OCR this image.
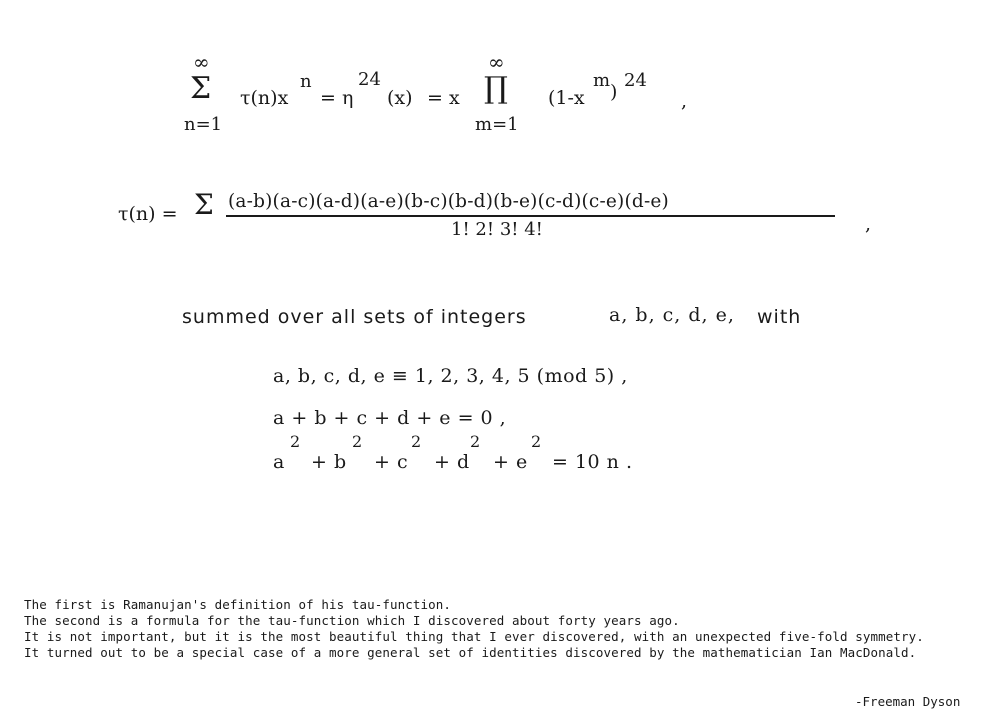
∞
Σ
n=1
τ(n)x
n
= η
24
(x) = x
∞
∏
m=1
(1-x
m
)
24
,
τ(n) = Σ (a-b)(a-c)(a-d)(a-e)(b-c)(b-d)(b-e)(c-d)(c-e)(d-e)
1! 2! 3! 4!	,
summed over all sets of integers	a, b, c, d, e, with
a, b, c, d, e ≡ 1, 2, 3, 4, 5 (mod 5) ,
a + b + c + d + e = 0 ,
a
2
+ b
2
+ c
2
+ d
2
+ e
2
= 10 n .
The first is Ramanujan's definition of his tau-function.
The second is a formula for the tau-function which I discovered about forty years ago.
It is not important, but it is the most beautiful thing that I ever discovered, with an unexpected five-fold symmetry.
It turned out to be a special case of a more general set of identities discovered by the mathematician Ian MacDonald.
-Freeman Dyson
